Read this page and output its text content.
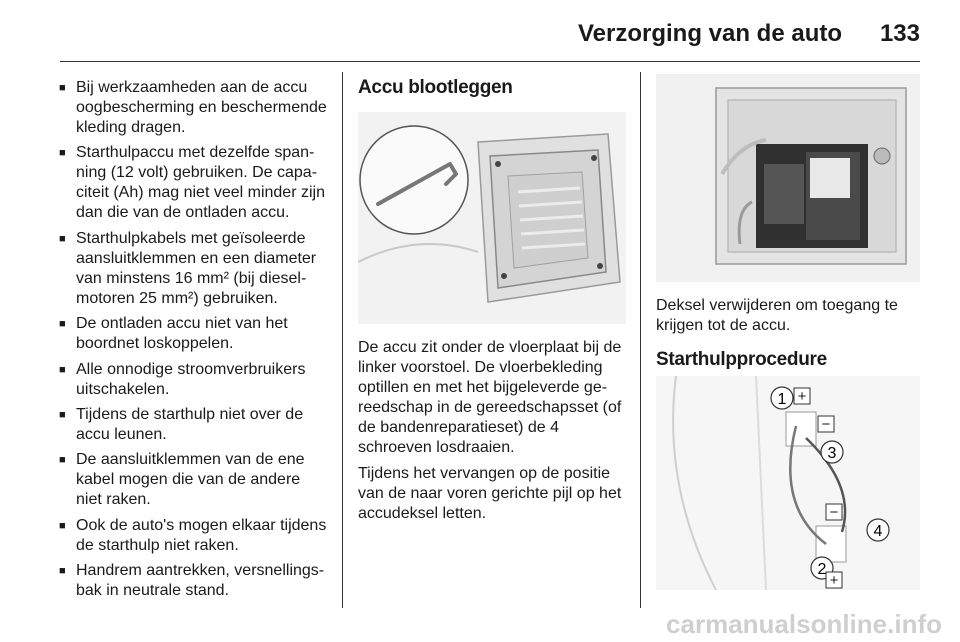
Verzorging van de auto 133
■ Bij werkzaamheden aan de accu oogbescherming en beschermende kleding dragen.
■ Starthulpaccu met dezelfde spanning (12 volt) gebruiken. De capaciteit (Ah) mag niet veel minder zijn dan die van de ontladen accu.
■ Starthulpkabels met geïsoleerde aansluitklemmen en een diameter van minstens 16 mm² (bij dieselmotoren 25 mm²) gebruiken.
■ De ontladen accu niet van het boordnet loskoppelen.
■ Alle onnodige stroomverbruikers uitschakelen.
■ Tijdens de starthulp niet over de accu leunen.
■ De aansluitklemmen van de ene kabel mogen die van de andere niet raken.
■ Ook de auto's mogen elkaar tijdens de starthulp niet raken.
■ Handrem aantrekken, versnellingsbak in neutrale stand.
Accu blootleggen

De accu zit onder de vloerplaat bij de linker voorstoel. De vloerbekleding optillen en met het bijgeleverde gereedschap in de gereedschapsset (of de bandenreparatieset) de 4 schroeven losdraaien.

Tijdens het vervangen op de positie van de naar voren gerichte pijl op het accudeksel letten.

Deksel verwijderen om toegang te krijgen tot de accu.

Starthulpprocedure
1
2
3
4
+
−
−
+
carmanualsonline.info
